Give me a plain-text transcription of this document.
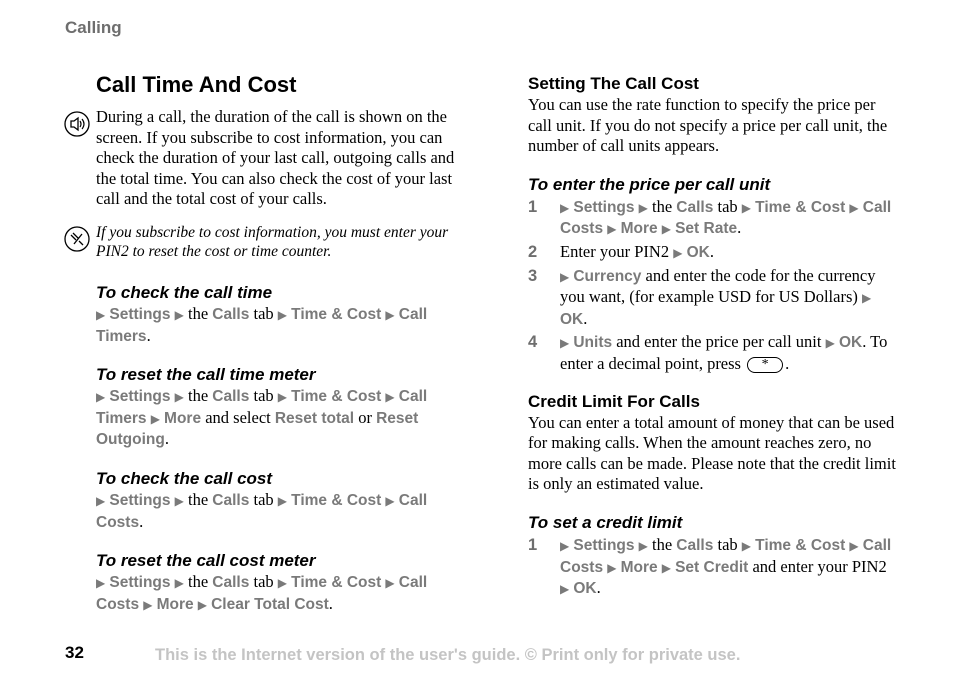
Calling
Call Time And Cost

During a call, the duration of the call is shown on the screen. If you subscribe to cost information, you can check the duration of your last call, outgoing calls and the total time. You can also check the cost of your last call and the total cost of your calls.

If you subscribe to cost information, you must enter your PIN2 to reset the cost or time counter.

To check the call time

▶ Settings ▶ the Calls tab ▶ Time & Cost ▶ Call Timers.

To reset the call time meter

▶ Settings ▶ the Calls tab ▶ Time & Cost ▶ Call Timers ▶ More and select Reset total or Reset Outgoing.

To check the call cost

▶ Settings ▶ the Calls tab ▶ Time & Cost ▶ Call Costs.

To reset the call cost meter

▶ Settings ▶ the Calls tab ▶ Time & Cost ▶ Call Costs ▶ More ▶ Clear Total Cost.

Setting The Call Cost

You can use the rate function to specify the price per call unit. If you do not specify a price per call unit, the number of call units appears.

To enter the price per call unit

1 ▶ Settings ▶ the Calls tab ▶ Time & Cost ▶ Call Costs ▶ More ▶ Set Rate.

2 Enter your PIN2 ▶ OK.

3 ▶ Currency and enter the code for the currency you want, (for example USD for US Dollars) ▶ OK.

4 ▶ Units and enter the price per call unit ▶ OK. To enter a decimal point, press * .

Credit Limit For Calls

You can enter a total amount of money that can be used for making calls. When the amount reaches zero, no more calls can be made. Please note that the credit limit is only an estimated value.

To set a credit limit

1 ▶ Settings ▶ the Calls tab ▶ Time & Cost ▶ Call Costs ▶ More ▶ Set Credit and enter your PIN2 ▶ OK.

32	This is the Internet version of the user's guide. © Print only for private use.
